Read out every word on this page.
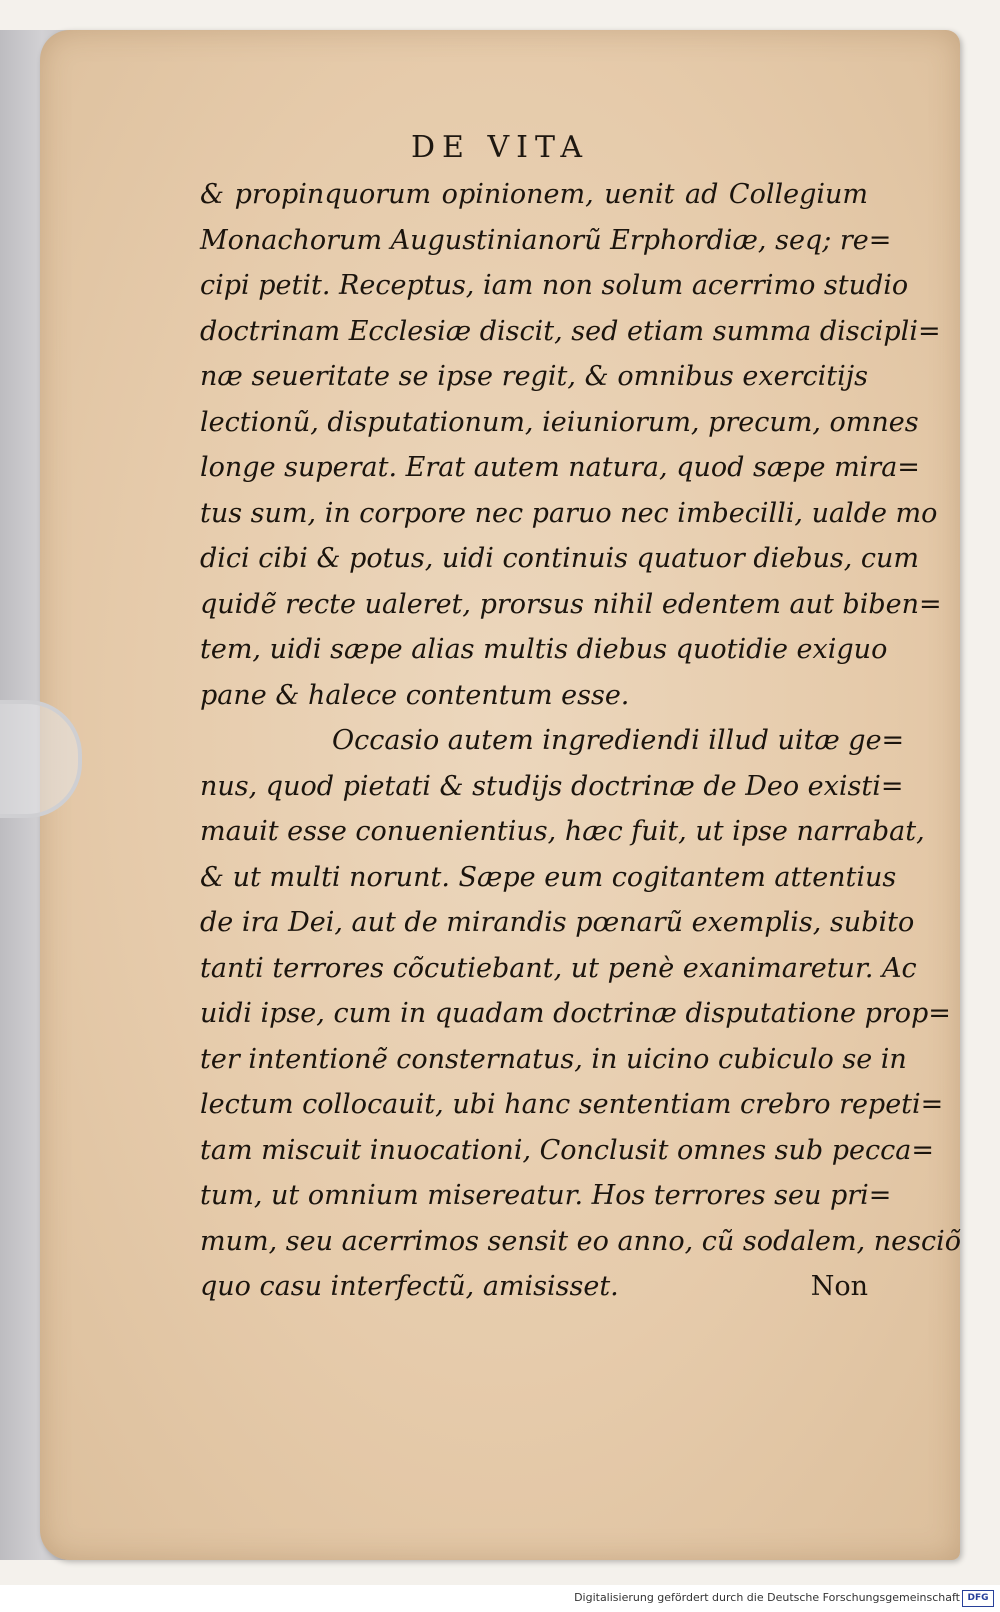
DE VITA
& propinquorum opinionem, uenit ad Collegium
Monachorum Augustinianorũ Erphordiæ, seq; re=
cipi petit. Receptus, iam non solum acerrimo studio
doctrinam Ecclesiæ discit, sed etiam summa discipli=
næ seueritate se ipse regit, & omnibus exercitijs
lectionũ, disputationum, ieiuniorum, precum, omnes
longe superat. Erat autem natura, quod sæpe mira=
tus sum, in corpore nec paruo nec imbecilli, ualde mo
dici cibi & potus, uidi continuis quatuor diebus, cum
quidẽ recte ualeret, prorsus nihil edentem aut biben=
tem, uidi sæpe alias multis diebus quotidie exiguo
pane & halece contentum esse.
Occasio autem ingrediendi illud uitæ ge=
nus, quod pietati & studijs doctrinæ de Deo existi=
mauit esse conuenientius, hæc fuit, ut ipse narrabat,
& ut multi norunt. Sæpe eum cogitantem attentius
de ira Dei, aut de mirandis pœnarũ exemplis, subito
tanti terrores cõcutiebant, ut penè exanimaretur. Ac
uidi ipse, cum in quadam doctrinæ disputatione prop=
ter intentionẽ consternatus, in uicino cubiculo se in
lectum collocauit, ubi hanc sententiam crebro repeti=
tam miscuit inuocationi, Conclusit omnes sub pecca=
tum, ut omnium misereatur. Hos terrores seu pri=
mum, seu acerrimos sensit eo anno, cũ sodalem, nesciõ
quo casu interfectũ, amisisset.	Non
Digitalisierung gefördert durch die Deutsche Forschungsgemeinschaft DFG
